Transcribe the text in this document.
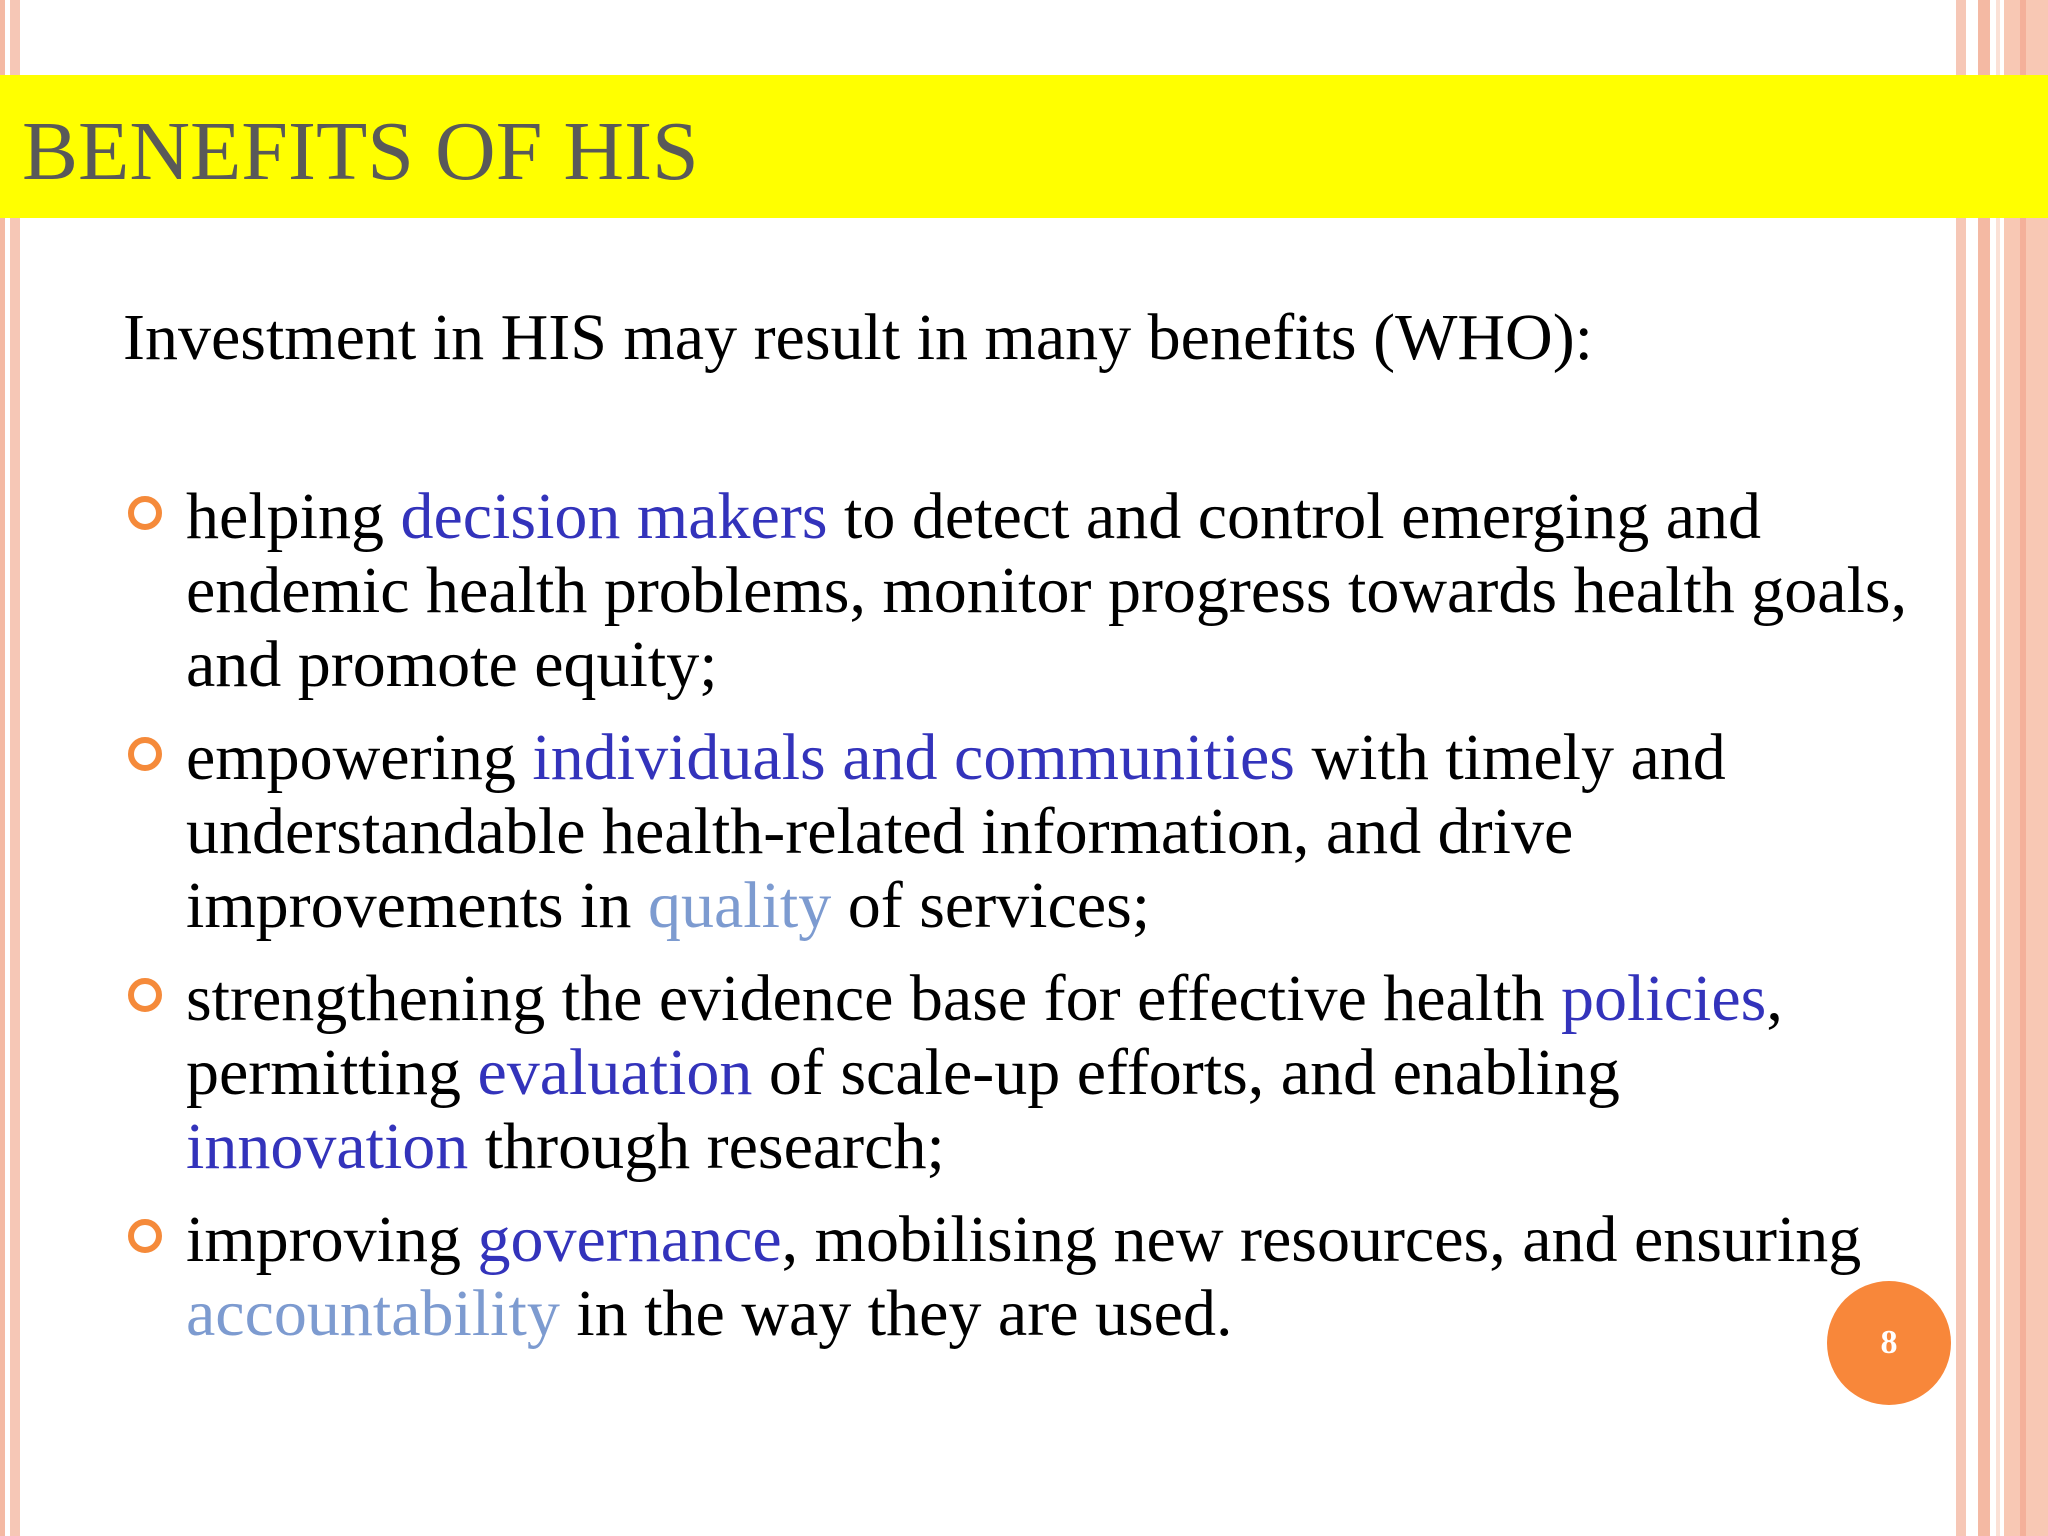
BENEFITS OF HIS

Investment in HIS may result in many benefits (WHO):

helping decision makers to detect and control emerging and endemic health problems, monitor progress towards health goals, and promote equity;
empowering individuals and communities with timely and understandable health-related information, and drive improvements in quality of services;
strengthening the evidence base for effective health policies, permitting evaluation of scale-up efforts, and enabling innovation through research;
improving governance, mobilising new resources, and ensuring accountability in the way they are used.	8
